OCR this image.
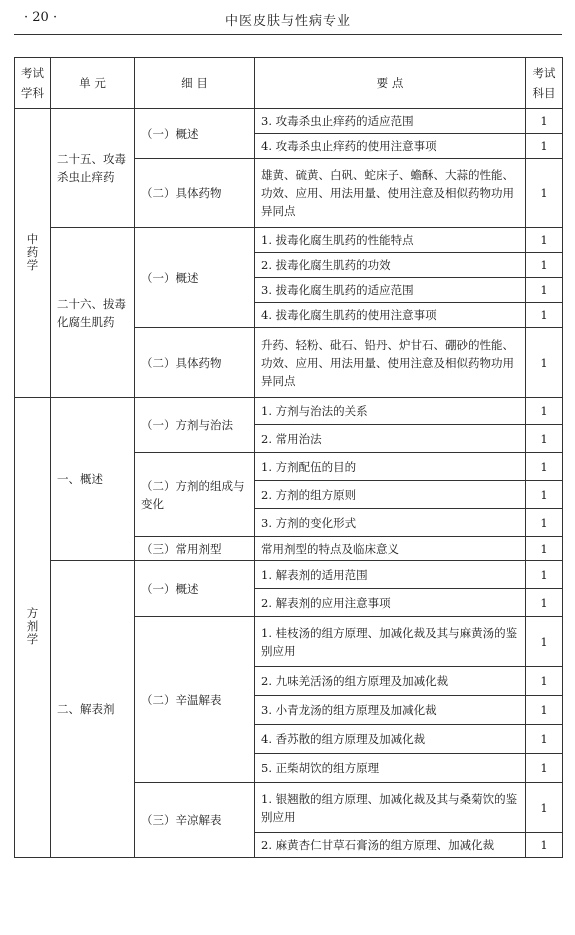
· 20 ·	中医皮肤与性病专业
考试学科	单 元	细 目	要 点	考试科目
中药学	二十五、攻毒杀虫止痒药	（一）概述	3. 攻毒杀虫止痒药的适应范围	1
			4. 攻毒杀虫止痒药的使用注意事项	1
		（二）具体药物	雄黄、硫黄、白矾、蛇床子、蟾酥、大蒜的性能、功效、应用、用法用量、使用注意及相似药物功用异同点	1
	二十六、拔毒化腐生肌药	（一）概述	1. 拔毒化腐生肌药的性能特点	1
			2. 拔毒化腐生肌药的功效	1
			3. 拔毒化腐生肌药的适应范围	1
			4. 拔毒化腐生肌药的使用注意事项	1
		（二）具体药物	升药、轻粉、砒石、铅丹、炉甘石、硼砂的性能、功效、应用、用法用量、使用注意及相似药物功用异同点	1
方剂学	一、概述	（一）方剂与治法	1. 方剂与治法的关系	1
			2. 常用治法	1
		（二）方剂的组成与变化	1. 方剂配伍的目的	1
			2. 方剂的组方原则	1
			3. 方剂的变化形式	1
		（三）常用剂型	常用剂型的特点及临床意义	1
	二、解表剂	（一）概述	1. 解表剂的适用范围	1
			2. 解表剂的应用注意事项	1
		（二）辛温解表	1. 桂枝汤的组方原理、加减化裁及其与麻黄汤的鉴别应用	1
			2. 九味羌活汤的组方原理及加减化裁	1
			3. 小青龙汤的组方原理及加减化裁	1
			4. 香苏散的组方原理及加减化裁	1
			5. 正柴胡饮的组方原理	1
		（三）辛凉解表	1. 银翘散的组方原理、加减化裁及其与桑菊饮的鉴别应用	1
			2. 麻黄杏仁甘草石膏汤的组方原理、加减化裁	1
